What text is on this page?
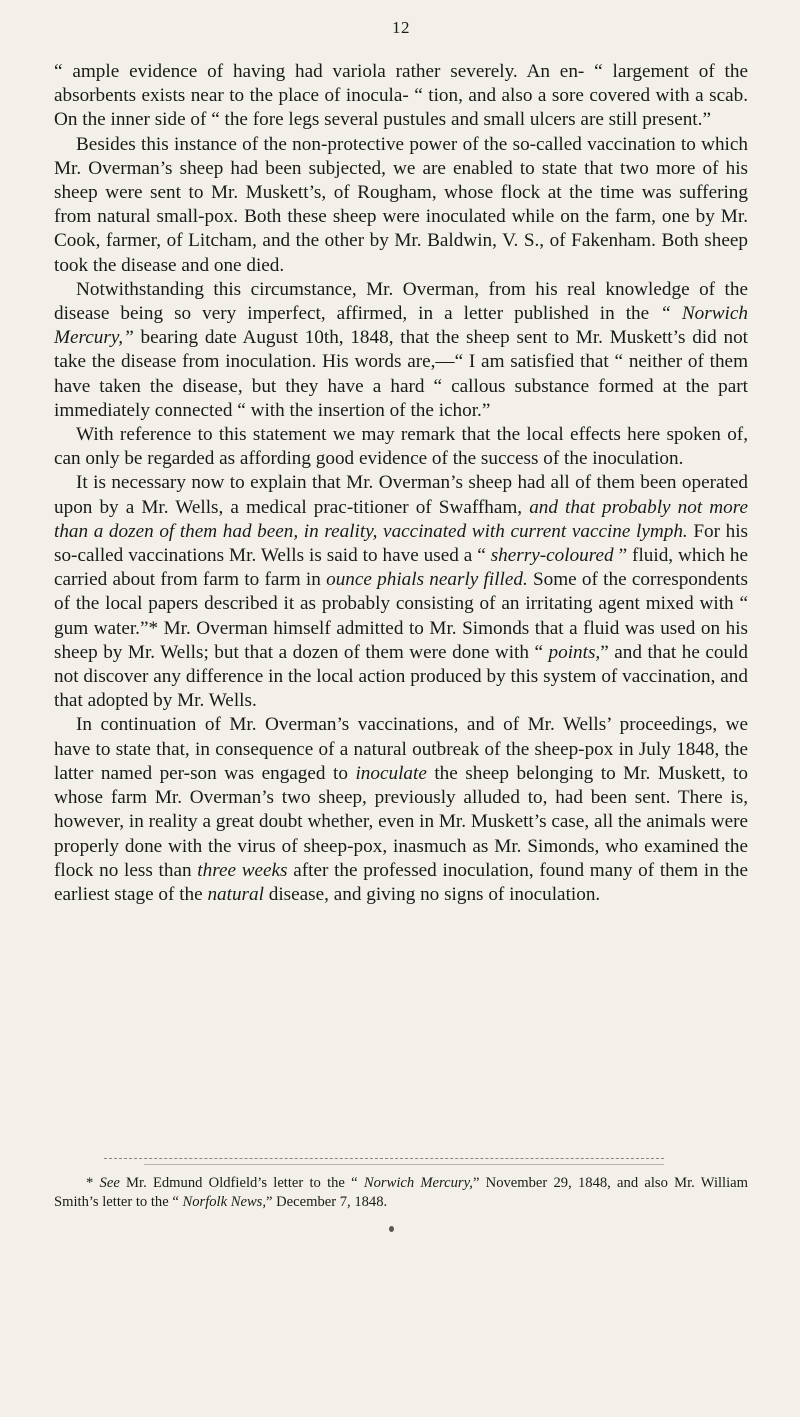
12

“ ample evidence of having had variola rather severely. An en- “ largement of the absorbents exists near to the place of inocula- “ tion, and also a sore covered with a scab. On the inner side of “ the fore legs several pustules and small ulcers are still present.”

Besides this instance of the non-protective power of the so-called vaccination to which Mr. Overman’s sheep had been subjected, we are enabled to state that two more of his sheep were sent to Mr. Muskett’s, of Rougham, whose flock at the time was suffering from natural small-pox. Both these sheep were inoculated while on the farm, one by Mr. Cook, farmer, of Litcham, and the other by Mr. Baldwin, V. S., of Fakenham. Both sheep took the disease and one died.

Notwithstanding this circumstance, Mr. Overman, from his real knowledge of the disease being so very imperfect, affirmed, in a letter published in the “ Norwich Mercury,” bearing date August 10th, 1848, that the sheep sent to Mr. Muskett’s did not take the disease from inoculation. His words are,—“ I am satisfied that “ neither of them have taken the disease, but they have a hard “ callous substance formed at the part immediately connected “ with the insertion of the ichor.”

With reference to this statement we may remark that the local effects here spoken of, can only be regarded as affording good evidence of the success of the inoculation.

It is necessary now to explain that Mr. Overman’s sheep had all of them been operated upon by a Mr. Wells, a medical prac-titioner of Swaffham, and that probably not more than a dozen of them had been, in reality, vaccinated with current vaccine lymph. For his so-called vaccinations Mr. Wells is said to have used a “ sherry-coloured ” fluid, which he carried about from farm to farm in ounce phials nearly filled. Some of the correspondents of the local papers described it as probably consisting of an irritating agent mixed with “ gum water.”* Mr. Overman himself admitted to Mr. Simonds that a fluid was used on his sheep by Mr. Wells; but that a dozen of them were done with “ points,” and that he could not discover any difference in the local action produced by this system of vaccination, and that adopted by Mr. Wells.

In continuation of Mr. Overman’s vaccinations, and of Mr. Wells’ proceedings, we have to state that, in consequence of a natural outbreak of the sheep-pox in July 1848, the latter named per-son was engaged to inoculate the sheep belonging to Mr. Muskett, to whose farm Mr. Overman’s two sheep, previously alluded to, had been sent. There is, however, in reality a great doubt whether, even in Mr. Muskett’s case, all the animals were properly done with the virus of sheep-pox, inasmuch as Mr. Simonds, who examined the flock no less than three weeks after the professed inoculation, found many of them in the earliest stage of the natural disease, and giving no signs of inoculation.

* See Mr. Edmund Oldfield’s letter to the “ Norwich Mercury,” November 29, 1848, and also Mr. William Smith’s letter to the “ Norfolk News,” December 7, 1848.
